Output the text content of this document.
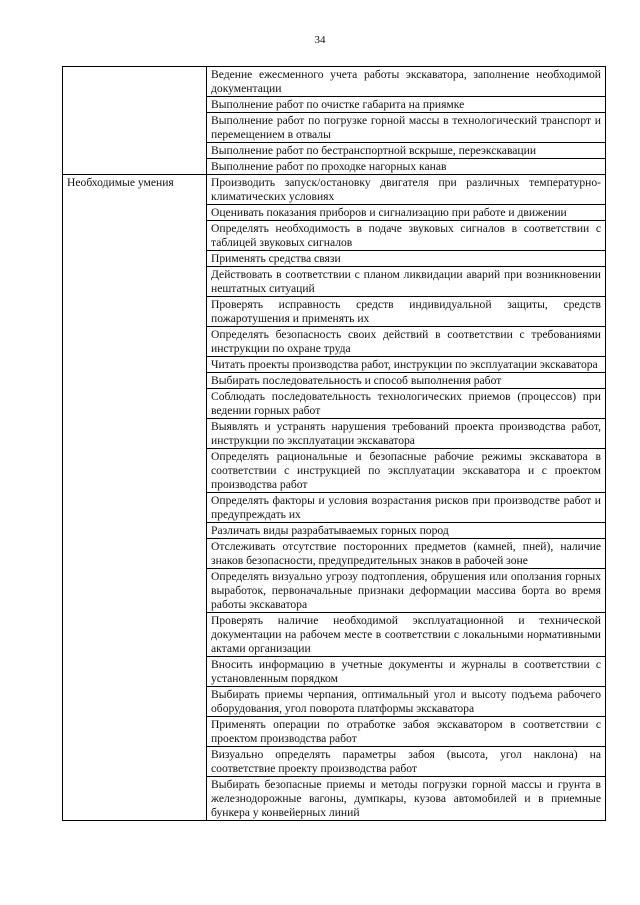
34
	Ведение ежесменного учета работы экскаватора, заполнение необходимой документации
	Выполнение работ по очистке габарита на приямке
	Выполнение работ по погрузке горной массы в технологический транспорт и перемещением в отвалы
	Выполнение работ по бестранспортной вскрыше, переэкскавации
	Выполнение работ по проходке нагорных канав
Необходимые умения	Производить запуск/остановку двигателя при различных температурно-климатических условиях
	Оценивать показания приборов и сигнализацию при работе и движении
	Определять необходимость в подаче звуковых сигналов в соответствии с таблицей звуковых сигналов
	Применять средства связи
	Действовать в соответствии с планом ликвидации аварий при возникновении нештатных ситуаций
	Проверять исправность средств индивидуальной защиты, средств пожаротушения и применять их
	Определять безопасность своих действий в соответствии с требованиями инструкции по охране труда
	Читать проекты производства работ, инструкции по эксплуатации экскаватора
	Выбирать последовательность и способ выполнения работ
	Соблюдать последовательность технологических приемов (процессов) при ведении горных работ
	Выявлять и устранять нарушения требований проекта производства работ, инструкции по эксплуатации экскаватора
	Определять рациональные и безопасные рабочие режимы экскаватора в соответствии с инструкцией по эксплуатации экскаватора и с проектом производства работ
	Определять факторы и условия возрастания рисков при производстве работ и предупреждать их
	Различать виды разрабатываемых горных пород
	Отслеживать отсутствие посторонних предметов (камней, пней), наличие знаков безопасности, предупредительных знаков в рабочей зоне
	Определять визуально угрозу подтопления, обрушения или оползания горных выработок, первоначальные признаки деформации массива борта во время работы экскаватора
	Проверять наличие необходимой эксплуатационной и технической документации на рабочем месте в соответствии с локальными нормативными актами организации
	Вносить информацию в учетные документы и журналы в соответствии с установленным порядком
	Выбирать приемы черпания, оптимальный угол и высоту подъема рабочего оборудования, угол поворота платформы экскаватора
	Применять операции по отработке забоя экскаватором в соответствии с проектом производства работ
	Визуально определять параметры забоя (высота, угол наклона) на соответствие проекту производства работ
	Выбирать безопасные приемы и методы погрузки горной массы и грунта в железнодорожные вагоны, думпкары, кузова автомобилей и в приемные бункера у конвейерных линий
